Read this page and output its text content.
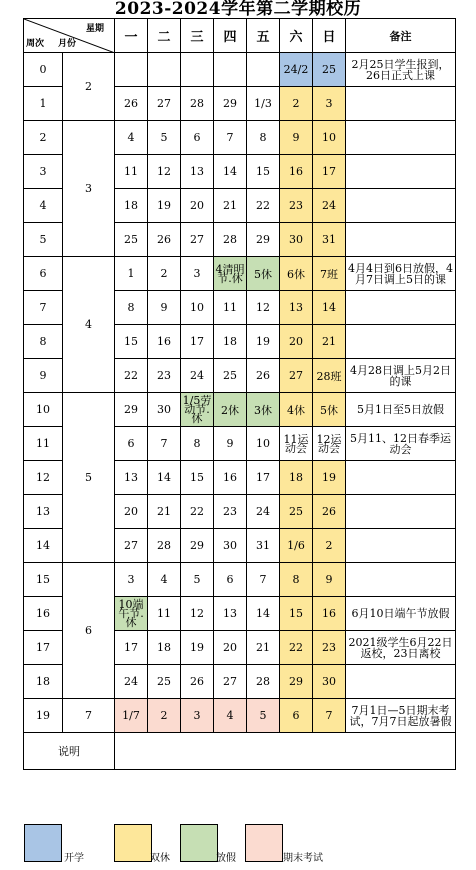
2023-2024学年第二学期校历
星期
周次 月份		一	二	三	四	五	六	日	备注
0	2						24/2	25	2月25日学生报到，26日正式上课
1		26	27	28	29	1/3	2	3	
2	3	4	5	6	7	8	9	10	
3		11	12	13	14	15	16	17	
4		18	19	20	21	22	23	24	
5		25	26	27	28	29	30	31	
6	4	1	2	3	4清明节.休	5休	6休	7班	4月4日到6日放假，4月7日调上5日的课
7		8	9	10	11	12	13	14	
8		15	16	17	18	19	20	21	
9		22	23	24	25	26	27	28班	4月28日调上5月2日的课
10	5	29	30	1/5劳动节.休	2休	3休	4休	5休	5月1日至5日放假
11		6	7	8	9	10	11运动会	12运动会	5月11、12日春季运动会
12		13	14	15	16	17	18	19	
13		20	21	22	23	24	25	26	
14		27	28	29	30	31	1/6	2	
15	6	3	4	5	6	7	8	9	
16		10端午节.休	11	12	13	14	15	16	6月10日端午节放假
17		17	18	19	20	21	22	23	2021级学生6月22日返校，23日离校
18		24	25	26	27	28	29	30	
19	7	1/7	2	3	4	5	6	7	7月1日—5日期末考试，7月7日起放暑假
说明									
开学	双休	放假	期末考试
